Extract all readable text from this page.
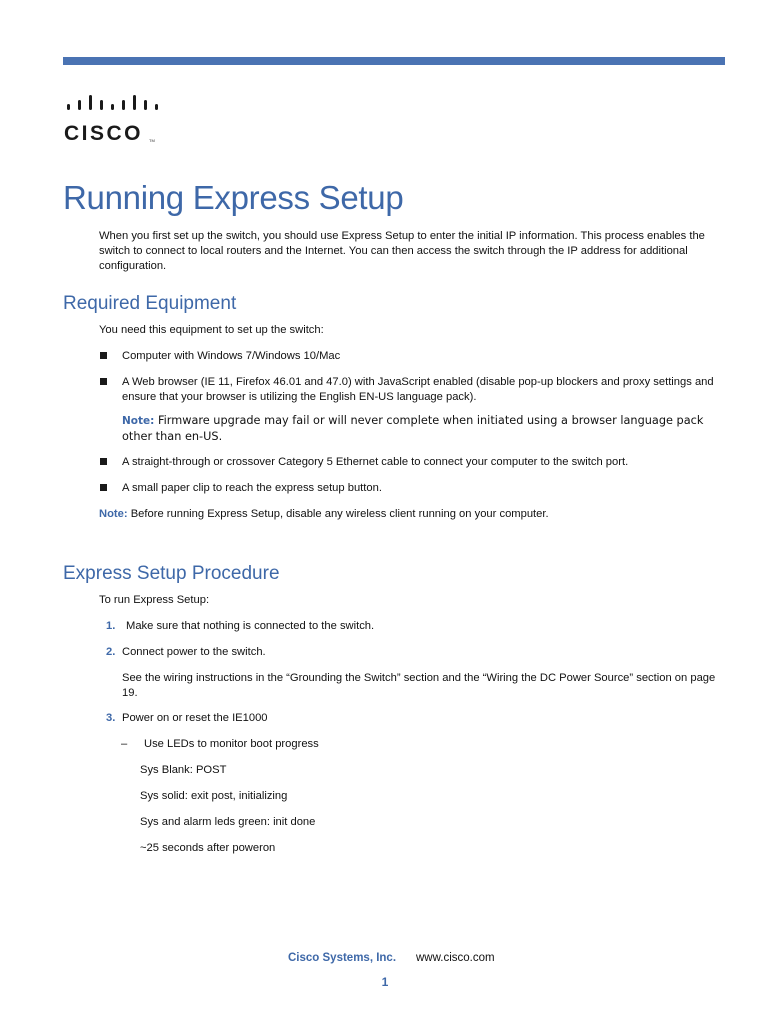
CISCO TM
Running Express Setup
When you first set up the switch, you should use Express Setup to enter the initial IP information. This process enables the switch to connect to local routers and the Internet. You can then access the switch through the IP address for additional configuration.
Required Equipment
You need this equipment to set up the switch:
Computer with Windows 7/Windows 10/Mac
A Web browser (IE 11, Firefox 46.01 and 47.0) with JavaScript enabled (disable pop-up blockers and proxy settings and ensure that your browser is utilizing the English EN-US language pack).
Note: Firmware upgrade may fail or will never complete when initiated using a browser language pack other than en-US.
A straight-through or crossover Category 5 Ethernet cable to connect your computer to the switch port.
A small paper clip to reach the express setup button.
Note: Before running Express Setup, disable any wireless client running on your computer.
Express Setup Procedure
To run Express Setup:
1. Make sure that nothing is connected to the switch.
2. Connect power to the switch.
See the wiring instructions in the “Grounding the Switch” section and the “Wiring the DC Power Source” section on page 19.
3. Power on or reset the IE1000
– Use LEDs to monitor boot progress
Sys Blank: POST
Sys solid: exit post, initializing
Sys and alarm leds green: init done
~25 seconds after poweron
Cisco Systems, Inc. www.cisco.com
1
